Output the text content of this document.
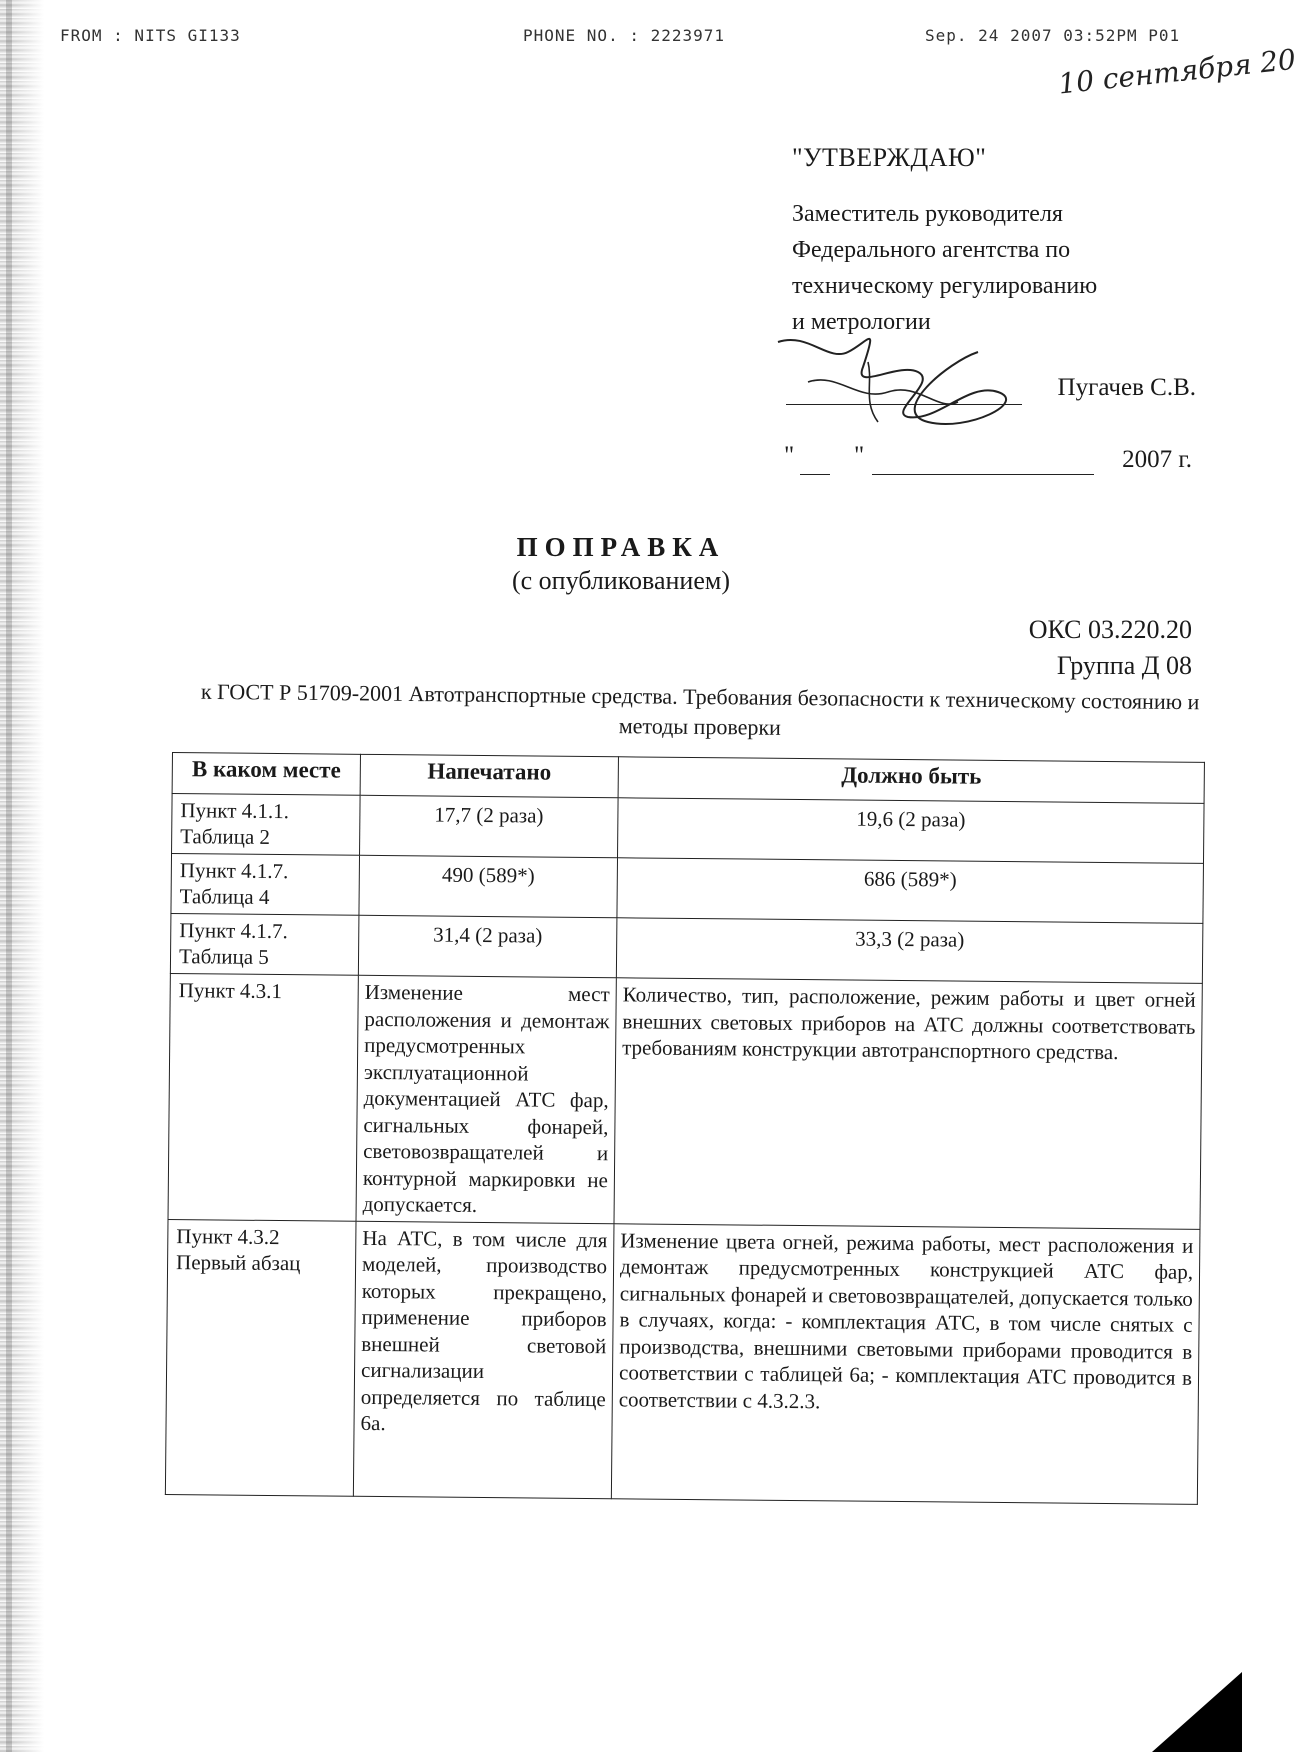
FROM : NITS GI133	PHONE NO. : 2223971	Sep. 24 2007 03:52PM P01
10 сентября 20
"УТВЕРЖДАЮ"
Заместитель руководителя
Федерального агентства по
техническому регулированию
и метрологии
Пугачев С.В.
" "	2007 г.
ПОПРАВКА
(с опубликованием)
ОКС 03.220.20
Группа Д 08
к ГОСТ Р 51709-2001 Автотранспортные средства. Требования безопасности к техническому состоянию и методы проверки
В каком месте	Напечатано	Должно быть
Пункт 4.1.1. Таблица 2	17,7 (2 раза)	19,6 (2 раза)
Пункт 4.1.7. Таблица 4	490 (589*)	686 (589*)
Пункт 4.1.7. Таблица 5	31,4 (2 раза)	33,3 (2 раза)
Пункт 4.3.1	Изменение мест расположения и демонтаж предусмотренных эксплуатационной документацией АТС фар, сигнальных фонарей, световозвращателей и контурной маркировки не допускается.	Количество, тип, расположение, режим работы и цвет огней внешних световых приборов на АТС должны соответствовать требованиям конструкции автотранспортного средства.
Пункт 4.3.2 Первый абзац	На АТС, в том числе для моделей, производство которых прекращено, применение приборов внешней световой сигнализации определяется по таблице 6а.	Изменение цвета огней, режима работы, мест расположения и демонтаж предусмотренных конструкцией АТС фар, сигнальных фонарей и световозвращателей, допускается только в случаях, когда: - комплектация АТС, в том числе снятых с производства, внешними световыми приборами проводится в соответствии с таблицей 6а; - комплектация АТС проводится в соответствии с 4.3.2.3.
